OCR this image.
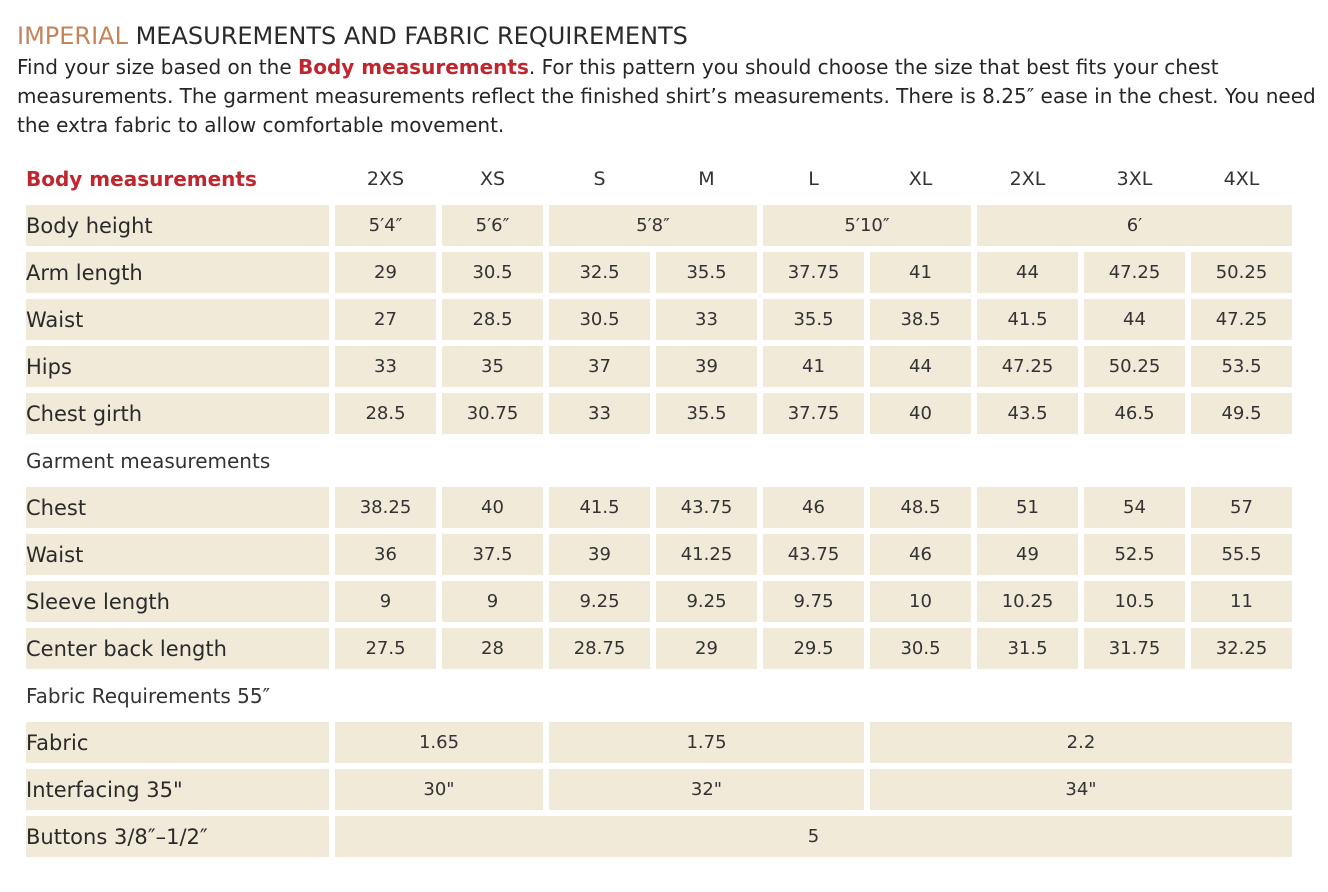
IMPERIAL MEASUREMENTS AND FABRIC REQUIREMENTS

Find your size based on the Body measurements. For this pattern you should choose the size that best fits your chest measurements. The garment measurements reflect the finished shirt’s measurements. There is 8.25″ ease in the chest. You need the extra fabric to allow comfortable movement.

Body measurements	2XS	XS	S	M	L	XL	2XL	3XL	4XL
Body height	5′4″	5′6″	5′8″		5′10″		6′		
Arm length	29	30.5	32.5	35.5	37.75	41	44	47.25	50.25
Waist	27	28.5	30.5	33	35.5	38.5	41.5	44	47.25
Hips	33	35	37	39	41	44	47.25	50.25	53.5
Chest girth	28.5	30.75	33	35.5	37.75	40	43.5	46.5	49.5
Garment measurements									
Chest	38.25	40	41.5	43.75	46	48.5	51	54	57
Waist	36	37.5	39	41.25	43.75	46	49	52.5	55.5
Sleeve length	9	9	9.25	9.25	9.75	10	10.25	10.5	11
Center back length	27.5	28	28.75	29	29.5	30.5	31.5	31.75	32.25
Fabric Requirements 55″									
Fabric	1.65		1.75			2.2			
Interfacing 35"	30"		32"			34"			
Buttons 3/8″–1/2″	5								
